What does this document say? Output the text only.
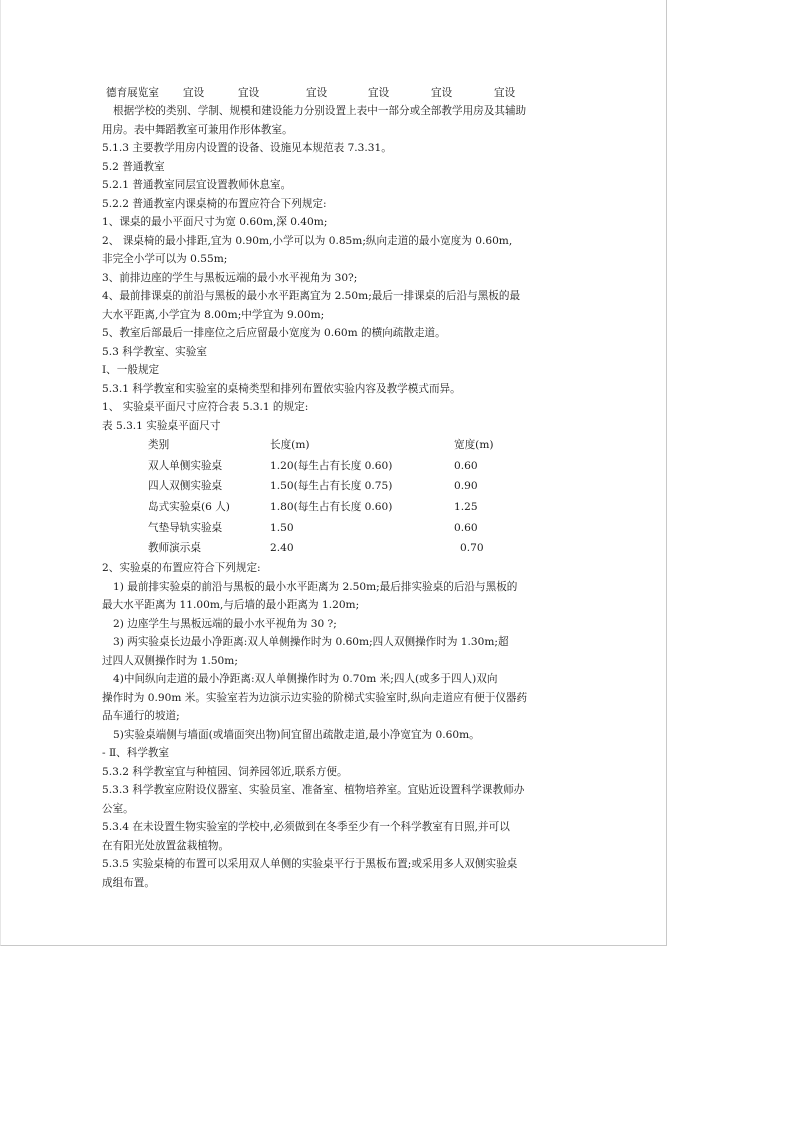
德育展览室 宜设	宜设	宜设	宜设	宜设	宜设
根据学校的类别、学制、规模和建设能力分别设置上表中一部分或全部教学用房及其辅助
用房。表中舞蹈教室可兼用作形体教室。
5.1.3 主要教学用房内设置的设备、设施见本规范表 7.3.31。
5.2 普通教室
5.2.1 普通教室同层宜设置教师休息室。
5.2.2 普通教室内课桌椅的布置应符合下列规定:
1、课桌的最小平面尺寸为宽 0.60m,深 0.40m;
2、 课桌椅的最小排距,宜为 0.90m,小学可以为 0.85m;纵向走道的最小宽度为 0.60m,
非完全小学可以为 0.55m;
3、前排边座的学生与黑板远端的最小水平视角为 30?;
4、最前排课桌的前沿与黑板的最小水平距离宜为 2.50m;最后一排课桌的后沿与黑板的最
大水平距离,小学宜为 8.00m;中学宜为 9.00m;
5、教室后部最后一排座位之后应留最小宽度为 0.60m 的横向疏散走道。
5.3 科学教室、实验室
Ⅰ、一般规定
5.3.1 科学教室和实验室的桌椅类型和排列布置依实验内容及教学模式而异。
1、 实验桌平面尺寸应符合表 5.3.1 的规定:
表 5.3.1 实验桌平面尺寸
类别	长度(m)	宽度(m)
双人单侧实验桌	1.20(每生占有长度 0.60)	0.60
四人双侧实验桌	1.50(每生占有长度 0.75)	0.90
岛式实验桌(6 人)	1.80(每生占有长度 0.60)	1.25
气垫导轨实验桌	1.50	0.60
教师演示桌	2.40	0.70
2、实验桌的布置应符合下列规定:
1) 最前排实验桌的前沿与黑板的最小水平距离为 2.50m;最后排实验桌的后沿与黑板的
最大水平距离为 11.00m,与后墙的最小距离为 1.20m;
2) 边座学生与黑板远端的最小水平视角为 30 ?;
3) 两实验桌长边最小净距离:双人单侧操作时为 0.60m;四人双侧操作时为 1.30m;超
过四人双侧操作时为 1.50m;
4)中间纵向走道的最小净距离:双人单侧操作时为 0.70m 米;四人(或多于四人)双向
操作时为 0.90m 米。实验室若为边演示边实验的阶梯式实验室时,纵向走道应有便于仪器药
品车通行的坡道;
5)实验桌端侧与墙面(或墙面突出物)间宜留出疏散走道,最小净宽宜为 0.60m。
- Ⅱ、科学教室
5.3.2 科学教室宜与种植园、饲养园邻近,联系方便。
5.3.3 科学教室应附设仪器室、实验员室、准备室、植物培养室。宜贴近设置科学课教师办
公室。
5.3.4 在未设置生物实验室的学校中,必须做到在冬季至少有一个科学教室有日照,并可以
在有阳光处放置盆栽植物。
5.3.5 实验桌椅的布置可以采用双人单侧的实验桌平行于黑板布置;或采用多人双侧实验桌
成组布置。
